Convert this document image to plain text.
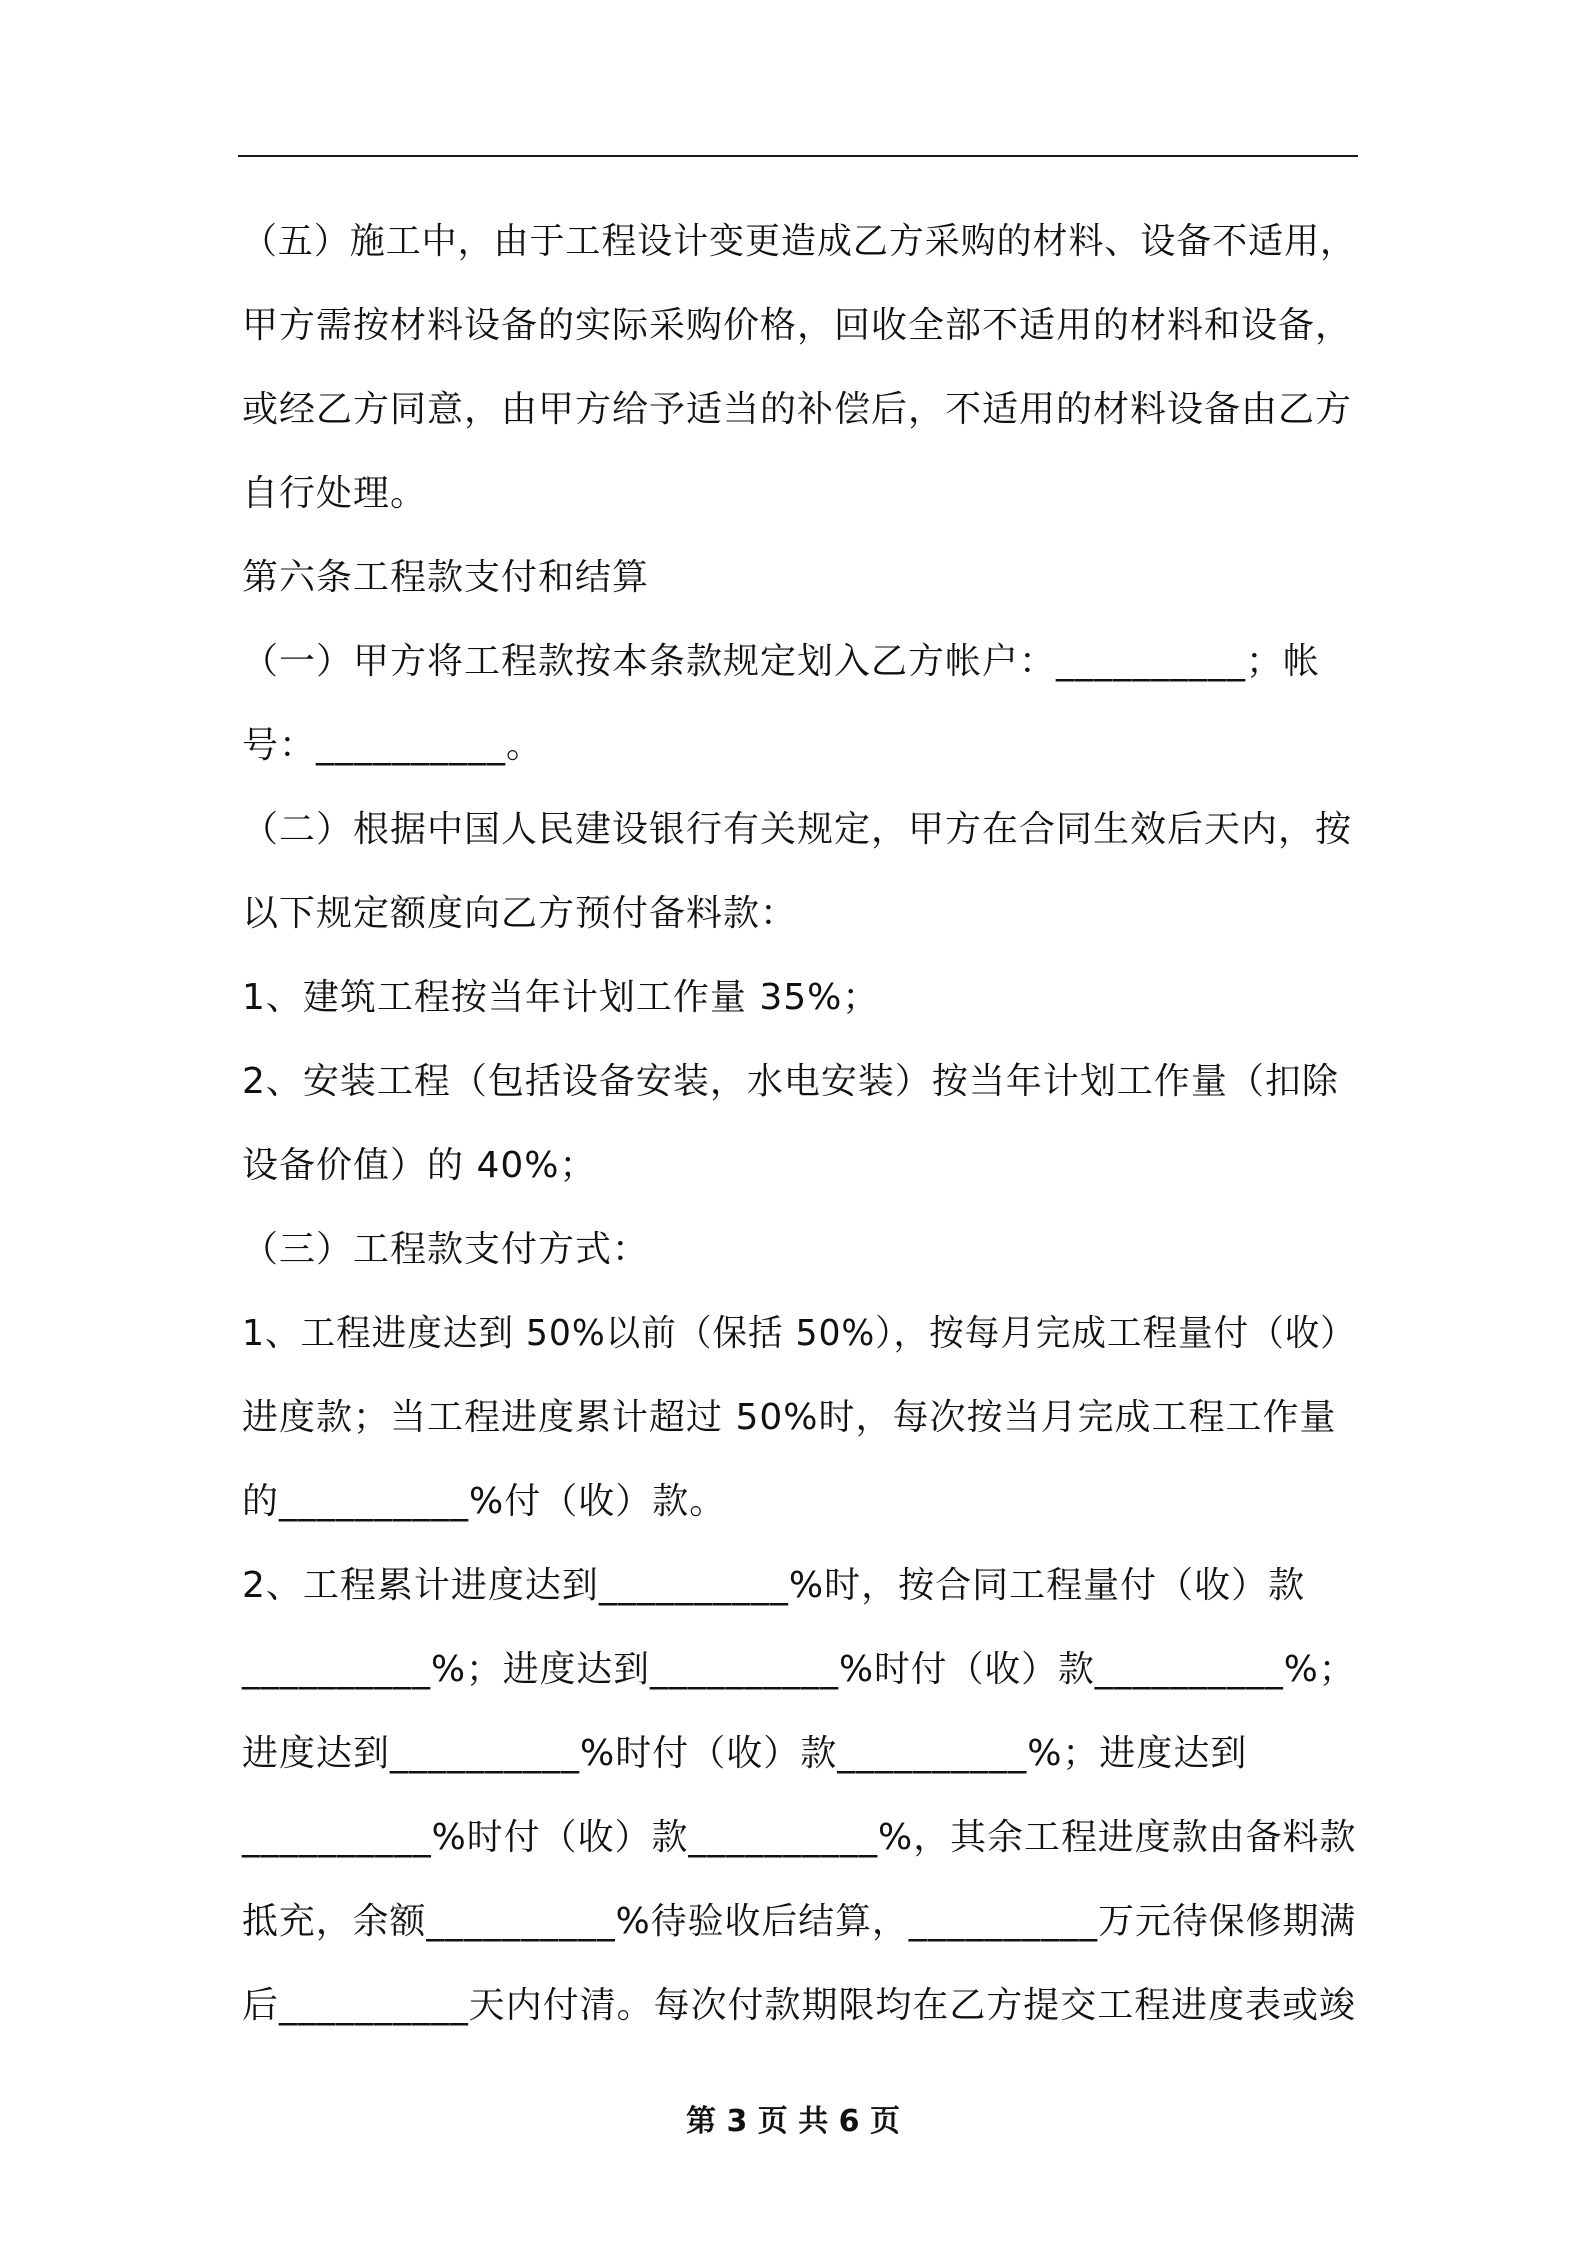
（五）施工中，由于工程设计变更造成乙方采购的材料、设备不适用，
甲方需按材料设备的实际采购价格，回收全部不适用的材料和设备，
或经乙方同意，由甲方给予适当的补偿后，不适用的材料设备由乙方
自行处理。
第六条工程款支付和结算
（一）甲方将工程款按本条款规定划入乙方帐户：__________；帐
号：__________。
（二）根据中国人民建设银行有关规定，甲方在合同生效后天内，按
以下规定额度向乙方预付备料款：
1、建筑工程按当年计划工作量 35%；
2、安装工程（包括设备安装，水电安装）按当年计划工作量（扣除
设备价值）的 40%；
（三）工程款支付方式：
1、工程进度达到 50%以前（保括 50%），按每月完成工程量付（收）
进度款；当工程进度累计超过 50%时，每次按当月完成工程工作量
的__________%付（收）款。
2、工程累计进度达到__________%时，按合同工程量付（收）款
__________%；进度达到__________%时付（收）款__________%；
进度达到__________%时付（收）款__________%；进度达到
__________%时付（收）款__________%，其余工程进度款由备料款
抵充，余额__________%待验收后结算，__________万元待保修期满
后__________天内付清。每次付款期限均在乙方提交工程进度表或竣
第 3 页 共 6 页
